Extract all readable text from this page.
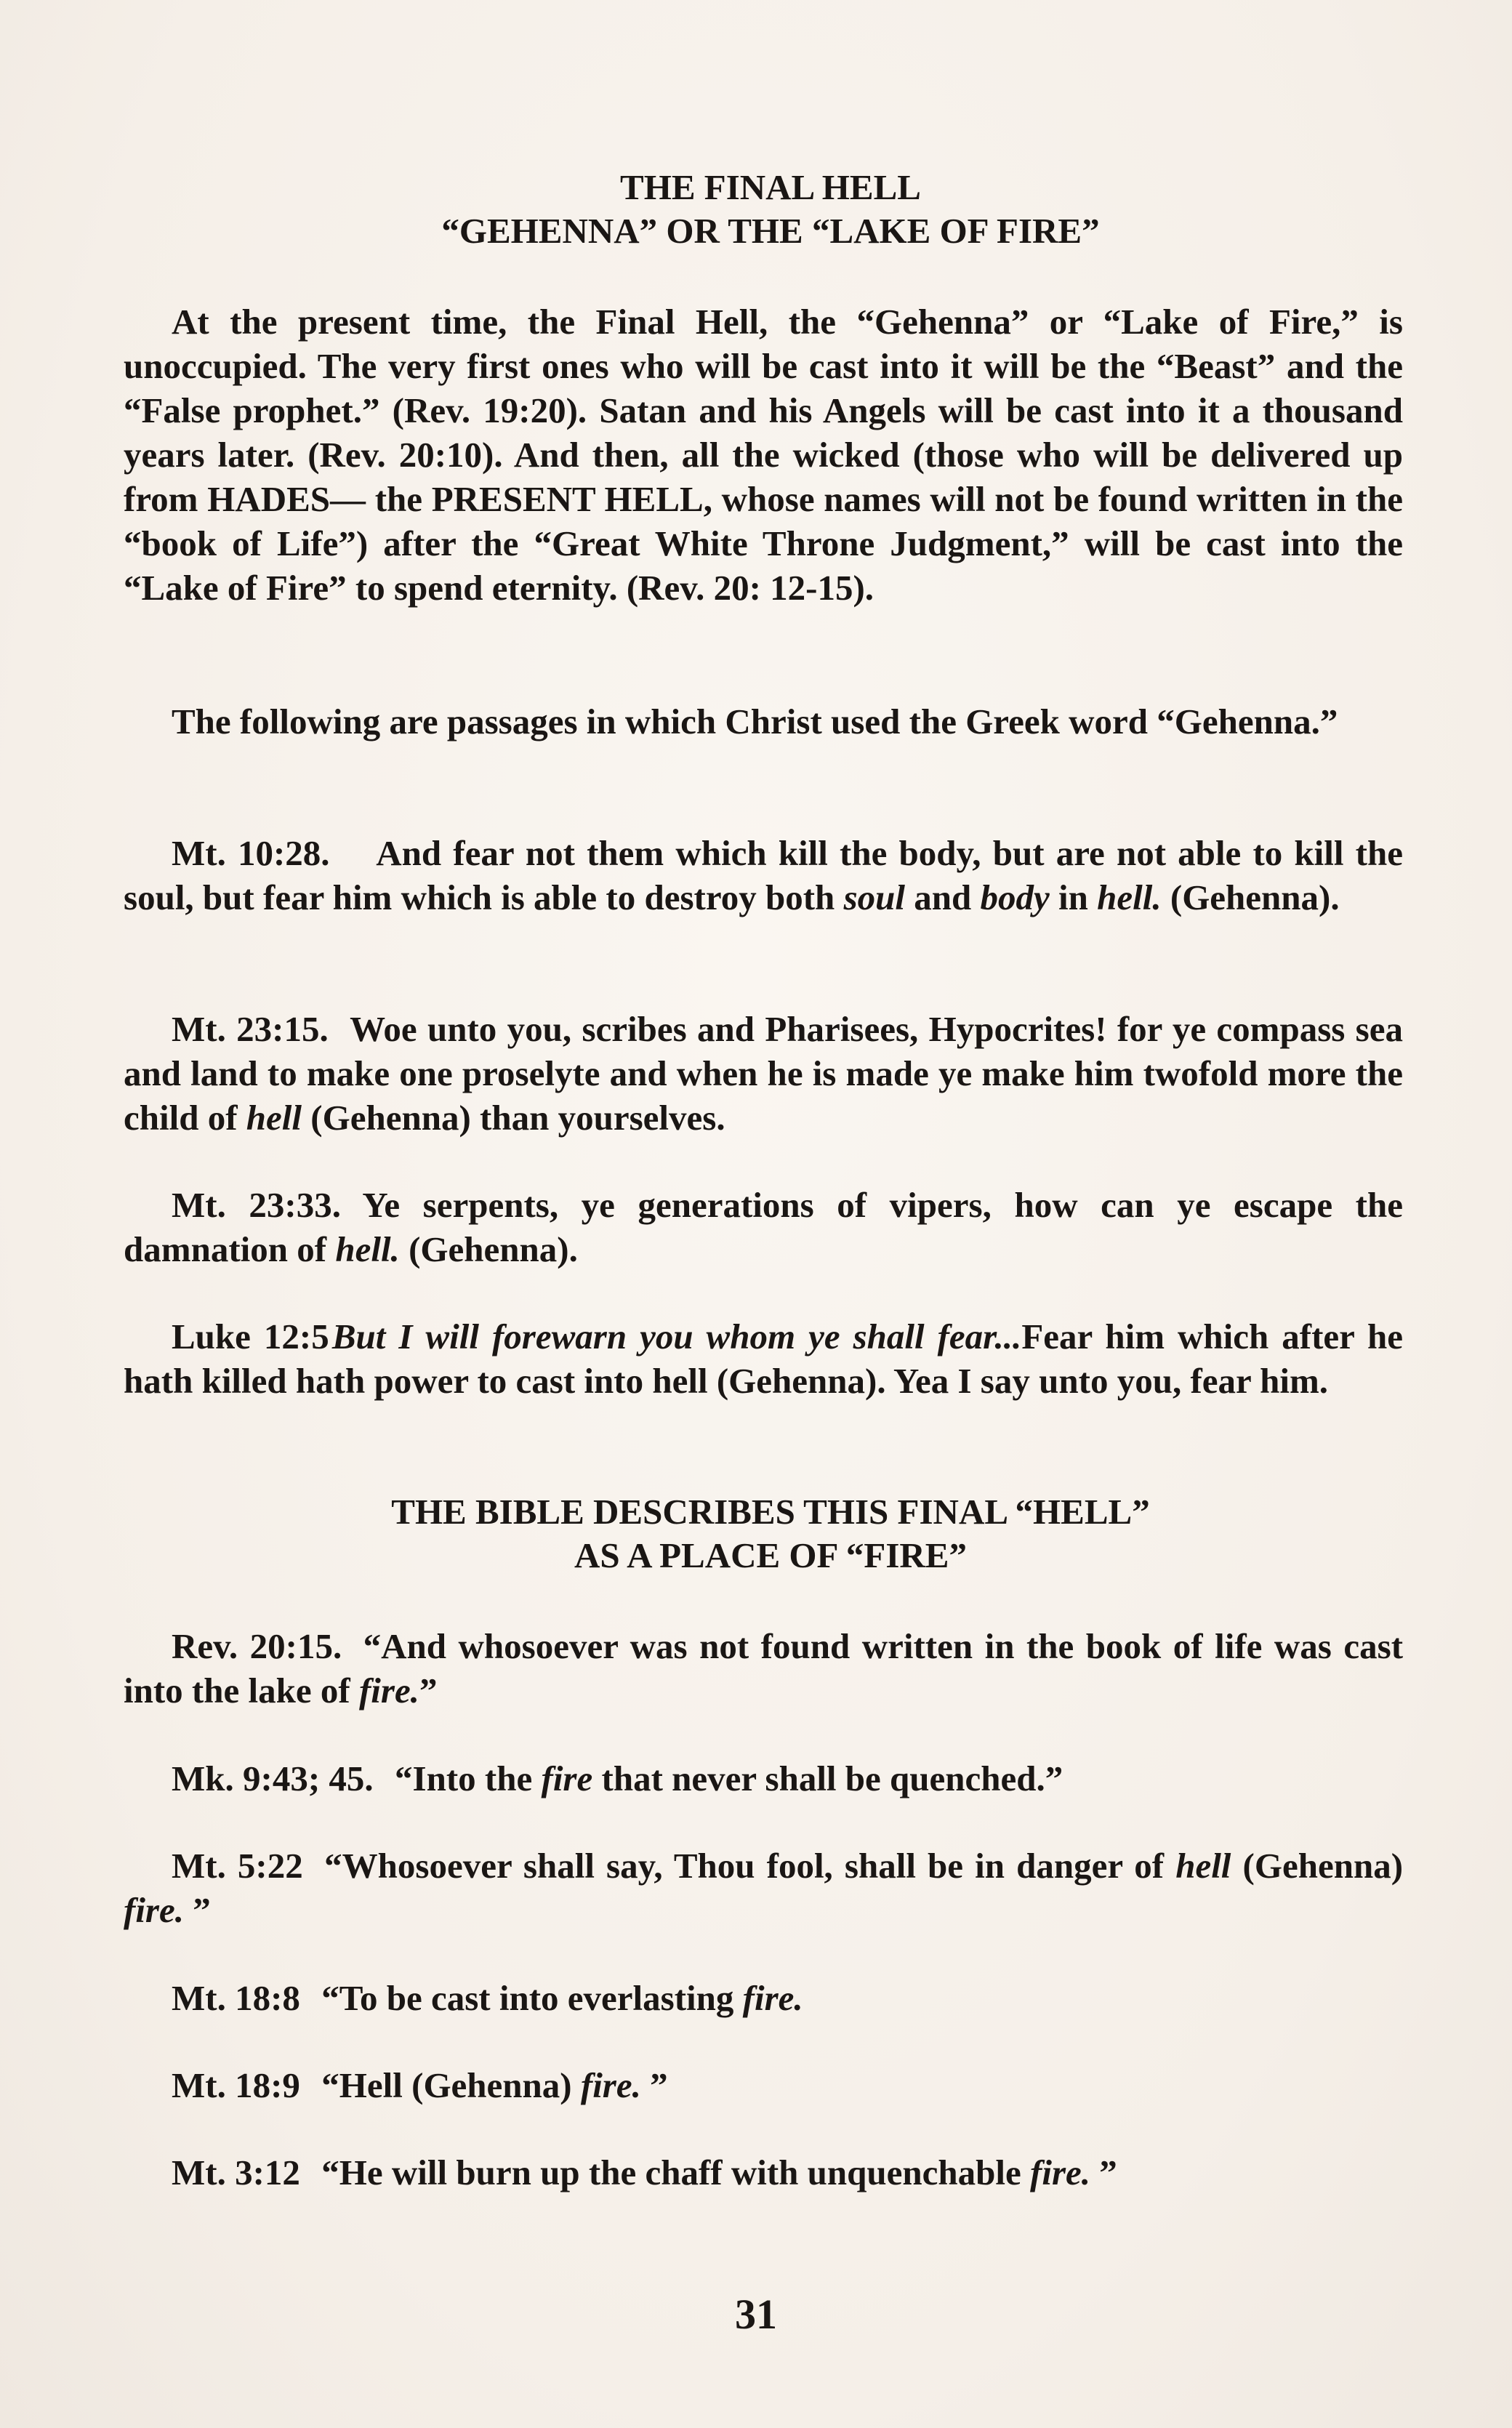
THE FINAL HELL
“GEHENNA” OR THE “LAKE OF FIRE”

At the present time, the Final Hell, the “Gehenna” or “Lake of Fire,” is unoccupied. The very first ones who will be cast into it will be the “Beast” and the “False prophet.” (Rev. 19:20). Satan and his Angels will be cast into it a thousand years later. (Rev. 20:10). And then, all the wicked (those who will be delivered up from HADES— the PRESENT HELL, whose names will not be found written in the “book of Life”) after the “Great White Throne Judgment,” will be cast into the “Lake of Fire” to spend eternity. (Rev. 20: 12-15).

The following are passages in which Christ used the Greek word “Gehenna.”

Mt. 10:28. And fear not them which kill the body, but are not able to kill the soul, but fear him which is able to destroy both soul and body in hell. (Gehenna).

Mt. 23:15. Woe unto you, scribes and Pharisees, Hypocrites! for ye compass sea and land to make one proselyte and when he is made ye make him twofold more the child of hell (Gehenna) than yourselves.

Mt. 23:33. Ye serpents, ye generations of vipers, how can ye escape the damnation of hell. (Gehenna).

Luke 12:5 But I will forewarn you whom ye shall fear...Fear him which after he hath killed hath power to cast into hell (Gehenna). Yea I say unto you, fear him.

THE BIBLE DESCRIBES THIS FINAL “HELL”
AS A PLACE OF “FIRE”

Rev. 20:15. “And whosoever was not found written in the book of life was cast into the lake of fire.”

Mk. 9:43; 45. “Into the fire that never shall be quenched.”

Mt. 5:22 “Whosoever shall say, Thou fool, shall be in danger of hell (Gehenna) fire. ”

Mt. 18:8 “To be cast into everlasting fire.

Mt. 18:9 “Hell (Gehenna) fire. ”

Mt. 3:12 “He will burn up the chaff with unquenchable fire. ”

31
